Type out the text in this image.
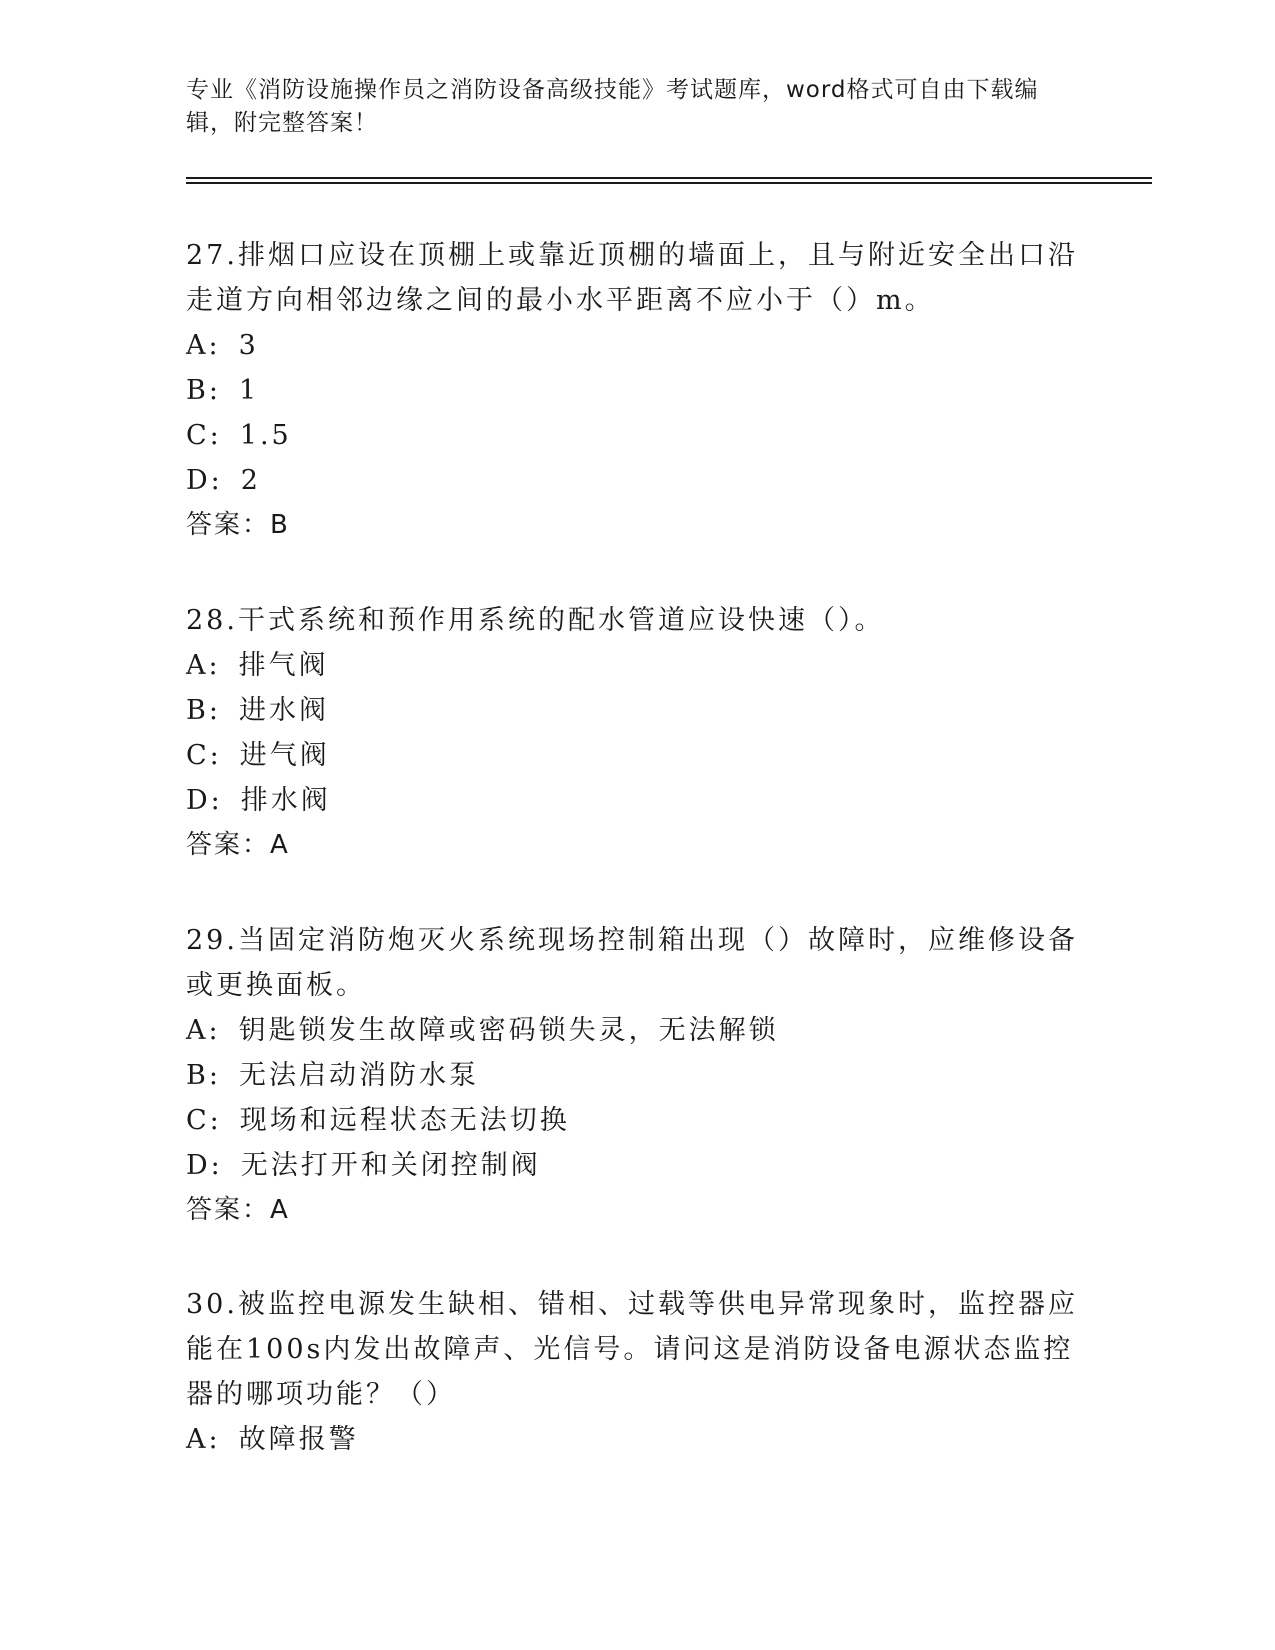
专业《消防设施操作员之消防设备高级技能》考试题库，word格式可自由下载编辑，附完整答案！
27.排烟口应设在顶棚上或靠近顶棚的墙面上，且与附近安全出口沿走道方向相邻边缘之间的最小水平距离不应小于（）m。
A: 3
B: 1
C: 1.5
D: 2
答案：B
28.干式系统和预作用系统的配水管道应设快速（）。
A: 排气阀
B: 进水阀
C: 进气阀
D: 排水阀
答案：A
29.当固定消防炮灭火系统现场控制箱出现（）故障时，应维修设备或更换面板。
A: 钥匙锁发生故障或密码锁失灵，无法解锁
B: 无法启动消防水泵
C: 现场和远程状态无法切换
D: 无法打开和关闭控制阀
答案：A
30.被监控电源发生缺相、错相、过载等供电异常现象时，监控器应能在100s内发出故障声、光信号。请问这是消防设备电源状态监控器的哪项功能？（）
A: 故障报警
